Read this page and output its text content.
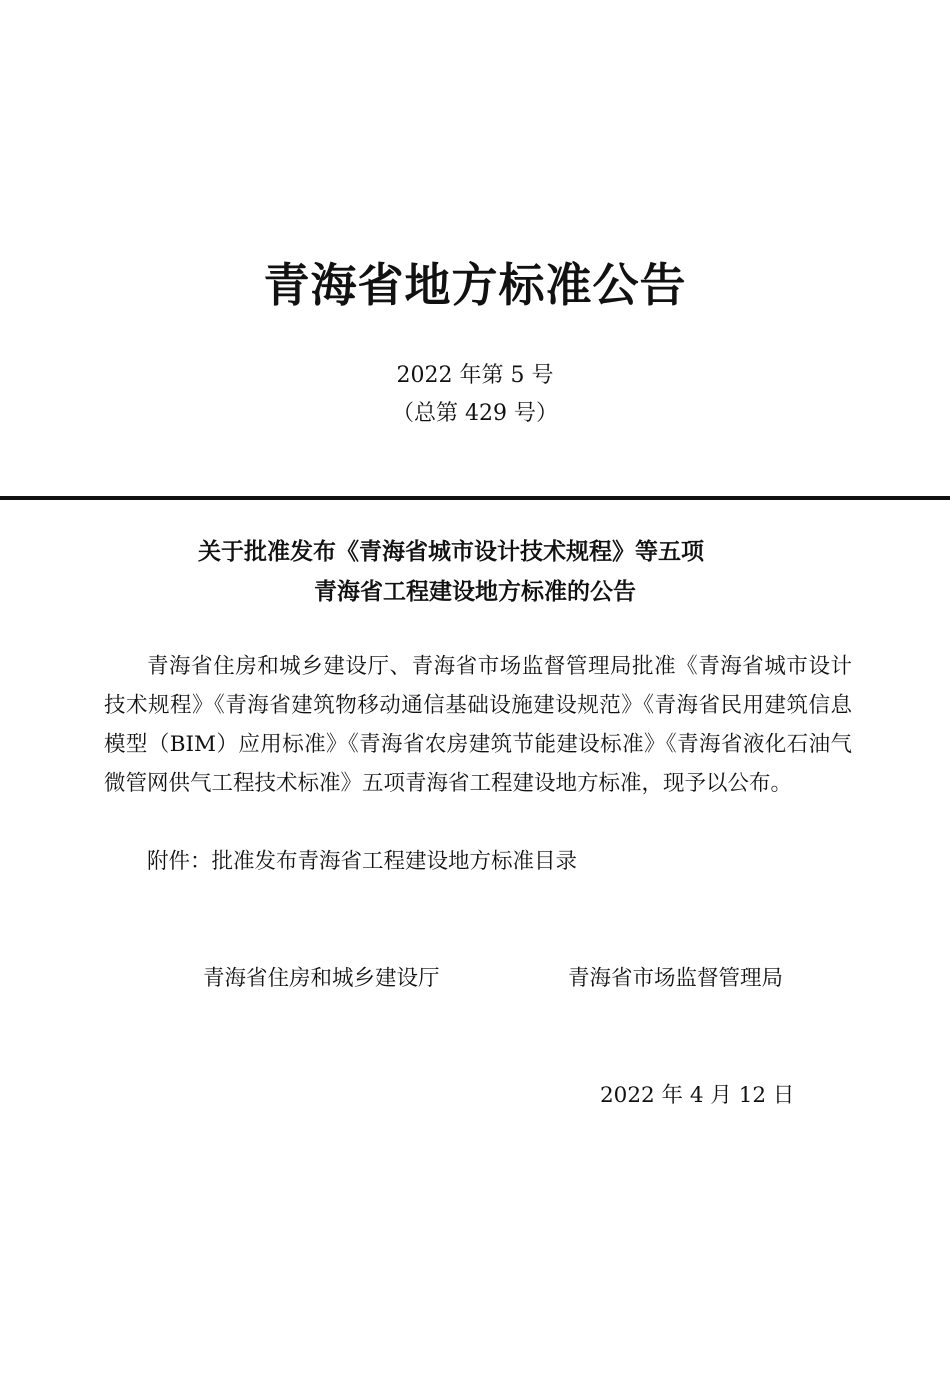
青海省地方标准公告
2022 年第 5 号
（总第 429 号）
关于批准发布《青海省城市设计技术规程》等五项
青海省工程建设地方标准的公告

青海省住房和城乡建设厅、青海省市场监督管理局批准《青海省城市设计技术规程》《青海省建筑物移动通信基础设施建设规范》《青海省民用建筑信息模型（BIM）应用标准》《青海省农房建筑节能建设标准》《青海省液化石油气微管网供气工程技术标准》五项青海省工程建设地方标准，现予以公布。

附件：批准发布青海省工程建设地方标准目录

青海省住房和城乡建设厅	青海省市场监督管理局
2022 年 4 月 12 日
